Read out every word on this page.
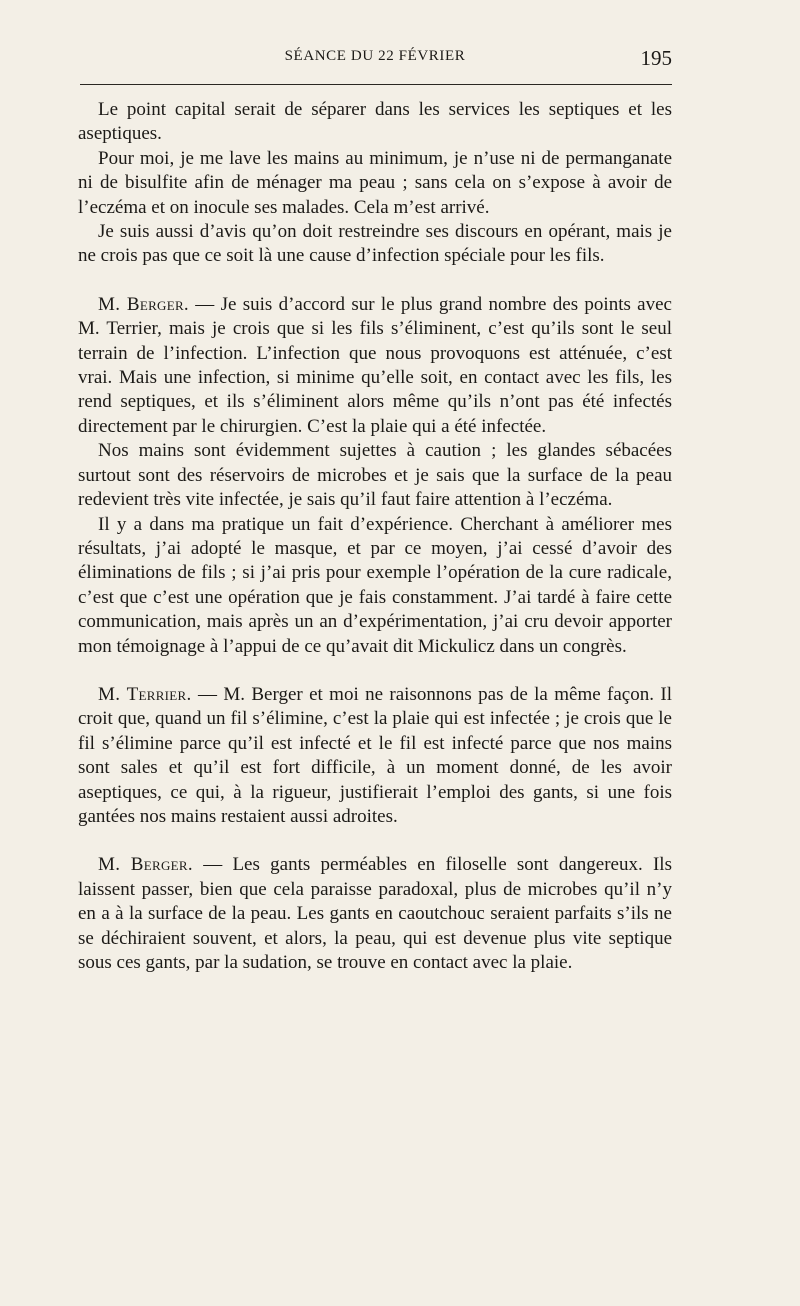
SÉANCE DU 22 FÉVRIER	195

Le point capital serait de séparer dans les services les septiques et les aseptiques.

Pour moi, je me lave les mains au minimum, je n’use ni de permanganate ni de bisulfite afin de ménager ma peau ; sans cela on s’expose à avoir de l’eczéma et on inocule ses malades. Cela m’est arrivé.

Je suis aussi d’avis qu’on doit restreindre ses discours en opérant, mais je ne crois pas que ce soit là une cause d’infection spéciale pour les fils.

M. Berger. — Je suis d’accord sur le plus grand nombre des points avec M. Terrier, mais je crois que si les fils s’éliminent, c’est qu’ils sont le seul terrain de l’infection. L’infection que nous provoquons est atténuée, c’est vrai. Mais une infection, si minime qu’elle soit, en contact avec les fils, les rend septiques, et ils s’éliminent alors même qu’ils n’ont pas été infectés directement par le chirurgien. C’est la plaie qui a été infectée.

Nos mains sont évidemment sujettes à caution ; les glandes sébacées surtout sont des réservoirs de microbes et je sais que la surface de la peau redevient très vite infectée, je sais qu’il faut faire attention à l’eczéma.

Il y a dans ma pratique un fait d’expérience. Cherchant à améliorer mes résultats, j’ai adopté le masque, et par ce moyen, j’ai cessé d’avoir des éliminations de fils ; si j’ai pris pour exemple l’opération de la cure radicale, c’est que c’est une opération que je fais constamment. J’ai tardé à faire cette communication, mais après un an d’expérimentation, j’ai cru devoir apporter mon témoignage à l’appui de ce qu’avait dit Mickulicz dans un congrès.

M. Terrier. — M. Berger et moi ne raisonnons pas de la même façon. Il croit que, quand un fil s’élimine, c’est la plaie qui est infectée ; je crois que le fil s’élimine parce qu’il est infecté et le fil est infecté parce que nos mains sont sales et qu’il est fort difficile, à un moment donné, de les avoir aseptiques, ce qui, à la rigueur, justifierait l’emploi des gants, si une fois gantées nos mains restaient aussi adroites.

M. Berger. — Les gants perméables en filoselle sont dangereux. Ils laissent passer, bien que cela paraisse paradoxal, plus de microbes qu’il n’y en a à la surface de la peau. Les gants en caoutchouc seraient parfaits s’ils ne se déchiraient souvent, et alors, la peau, qui est devenue plus vite septique sous ces gants, par la sudation, se trouve en contact avec la plaie.
